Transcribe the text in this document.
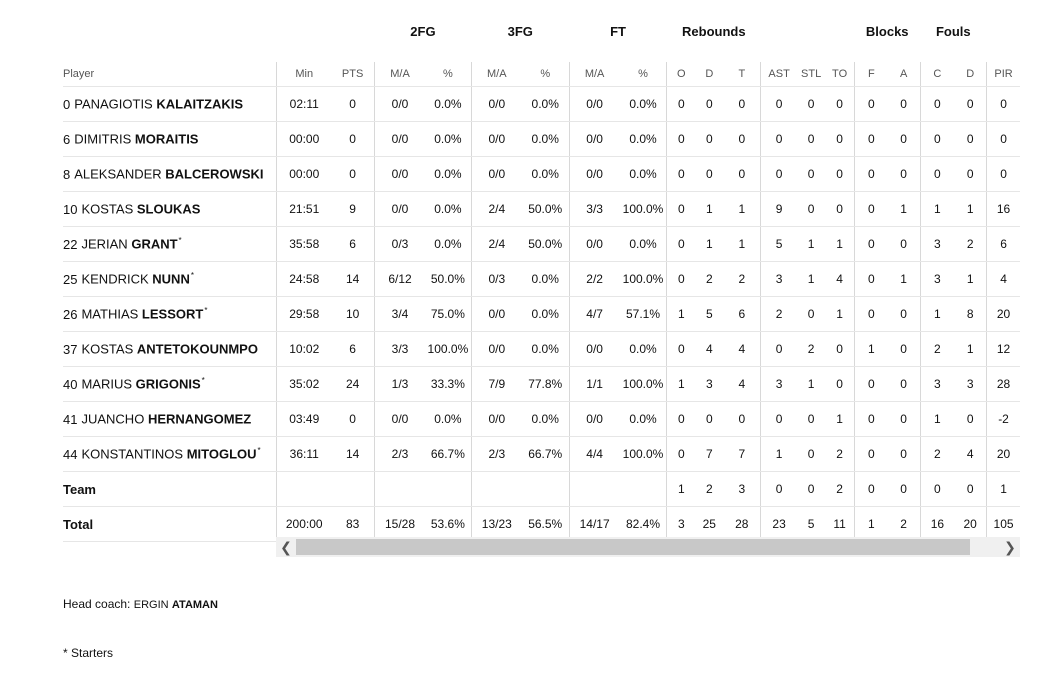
			2FG		3FG		FT		Rebounds						Blocks		Fouls		
Player	Min	PTS	M/A	%	M/A	%	M/A	%	O	D	T	AST	STL	TO	F	A	C	D	PIR
0 PANAGIOTIS KALAITZAKIS	02:11	0	0/0	0.0%	0/0	0.0%	0/0	0.0%	0	0	0	0	0	0	0	0	0	0	0
6 DIMITRIS MORAITIS	00:00	0	0/0	0.0%	0/0	0.0%	0/0	0.0%	0	0	0	0	0	0	0	0	0	0	0
8 ALEKSANDER BALCEROWSKI	00:00	0	0/0	0.0%	0/0	0.0%	0/0	0.0%	0	0	0	0	0	0	0	0	0	0	0
10 KOSTAS SLOUKAS	21:51	9	0/0	0.0%	2/4	50.0%	3/3	100.0%	0	1	1	9	0	0	0	1	1	1	16
22 JERIAN GRANT*	35:58	6	0/3	0.0%	2/4	50.0%	0/0	0.0%	0	1	1	5	1	1	0	0	3	2	6
25 KENDRICK NUNN*	24:58	14	6/12	50.0%	0/3	0.0%	2/2	100.0%	0	2	2	3	1	4	0	1	3	1	4
26 MATHIAS LESSORT*	29:58	10	3/4	75.0%	0/0	0.0%	4/7	57.1%	1	5	6	2	0	1	0	0	1	8	20
37 KOSTAS ANTETOKOUNMPO	10:02	6	3/3	100.0%	0/0	0.0%	0/0	0.0%	0	4	4	0	2	0	1	0	2	1	12
40 MARIUS GRIGONIS*	35:02	24	1/3	33.3%	7/9	77.8%	1/1	100.0%	1	3	4	3	1	0	0	0	3	3	28
41 JUANCHO HERNANGOMEZ	03:49	0	0/0	0.0%	0/0	0.0%	0/0	0.0%	0	0	0	0	0	1	0	0	1	0	-2
44 KONSTANTINOS MITOGLOU*	36:11	14	2/3	66.7%	2/3	66.7%	4/4	100.0%	0	7	7	1	0	2	0	0	2	4	20
Team									1	2	3	0	0	2	0	0	0	0	1
Total	200:00	83	15/28	53.6%	13/23	56.5%	14/17	82.4%	3	25	28	23	5	11	1	2	16	20	105
❮	❯
Head coach: ERGIN ATAMAN
* Starters
